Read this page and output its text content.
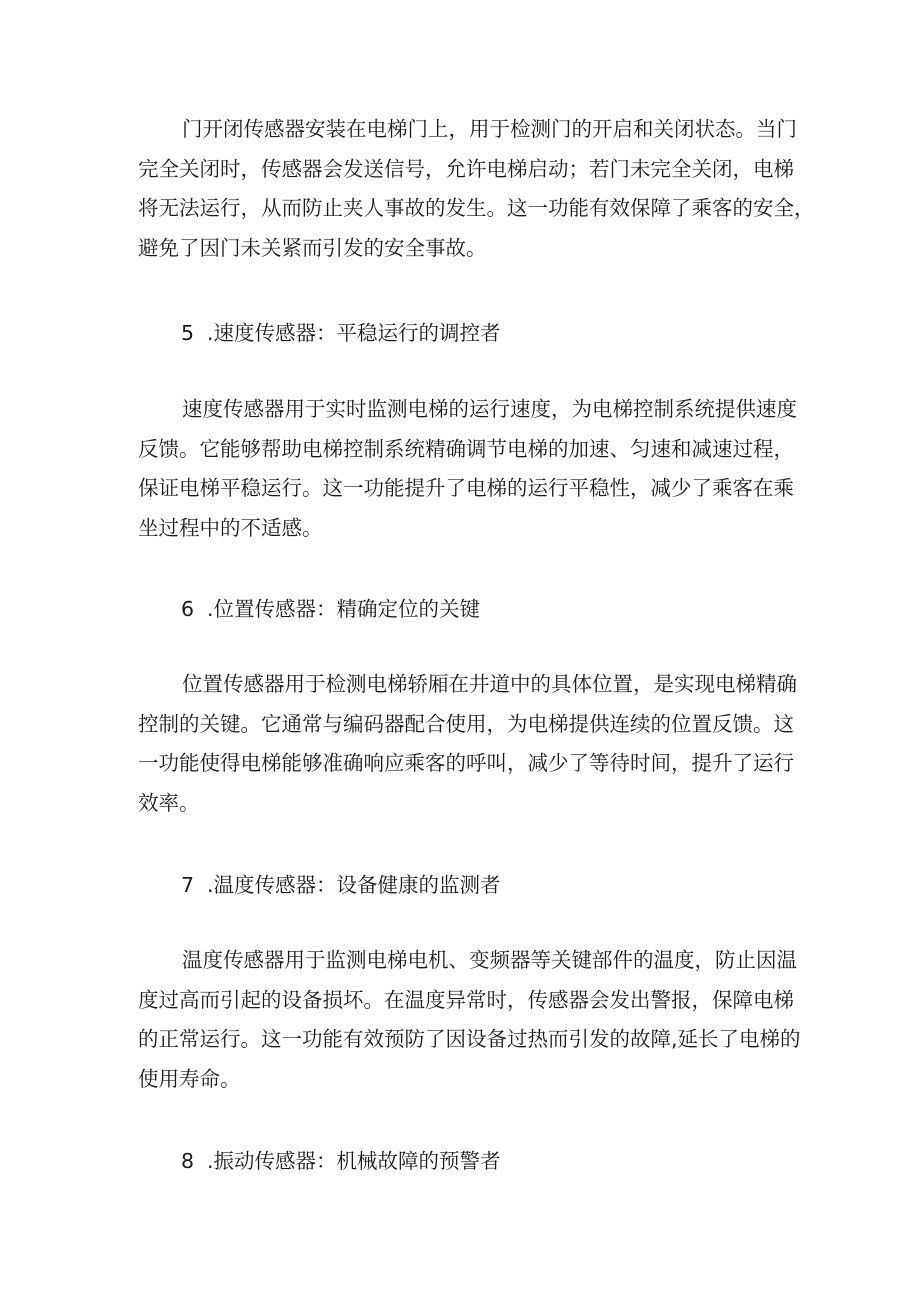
门开闭传感器安装在电梯门上，用于检测门的开启和关闭状态。当门
完全关闭时，传感器会发送信号，允许电梯启动；若门未完全关闭，电梯
将无法运行，从而防止夹人事故的发生。这一功能有效保障了乘客的安全，
避免了因门未关紧而引发的安全事故。

5 .速度传感器：平稳运行的调控者

速度传感器用于实时监测电梯的运行速度，为电梯控制系统提供速度
反馈。它能够帮助电梯控制系统精确调节电梯的加速、匀速和减速过程，
保证电梯平稳运行。这一功能提升了电梯的运行平稳性，减少了乘客在乘
坐过程中的不适感。

6 .位置传感器：精确定位的关键

位置传感器用于检测电梯轿厢在井道中的具体位置，是实现电梯精确
控制的关键。它通常与编码器配合使用，为电梯提供连续的位置反馈。这
一功能使得电梯能够准确响应乘客的呼叫，减少了等待时间，提升了运行
效率。

7 .温度传感器：设备健康的监测者

温度传感器用于监测电梯电机、变频器等关键部件的温度，防止因温
度过高而引起的设备损坏。在温度异常时，传感器会发出警报，保障电梯
的正常运行。这一功能有效预防了因设备过热而引发的故障,延长了电梯的
使用寿命。

8 .振动传感器：机械故障的预警者
